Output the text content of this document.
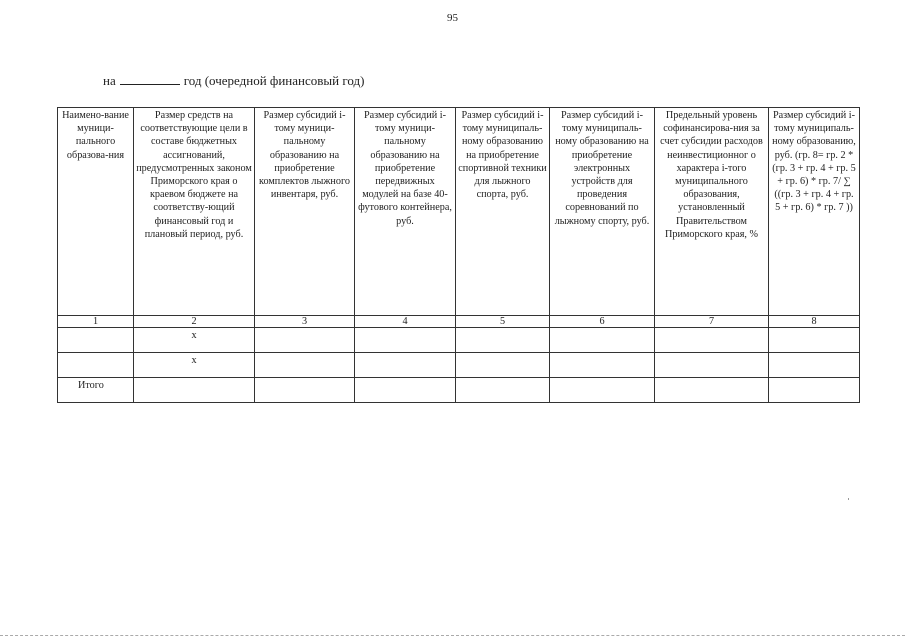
95
на	год (очередной финансовый год)
Наимено-вание муници-пального образова-ния	Размер средств на соответствующие цели в составе бюджетных ассигнований, предусмотренных законом Приморского края о краевом бюджете на соответству-ющий финансовый год и плановый период, руб.	Размер субсидий i-тому муници-пальному образованию на приобретение комплектов лыжного инвентаря, руб.	Размер субсидий i-тому муници-пальному образованию на приобретение передвижных модулей на базе 40-футового контейнера, руб.	Размер субсидий i-тому муниципаль-ному образованию на приобретение спортивной техники для лыжного спорта, руб.	Размер субсидий i-тому муниципаль-ному образованию на приобретение электронных устройств для проведения соревнований по лыжному спорту, руб.	Предельный уровень софинансирова-ния за счет субсидии расходов неинвестиционног о характера i-того муниципального образования, установленный Правительством Приморского края, %	Размер субсидий i-тому муниципаль-ному образованию, руб. (гр. 8= гр. 2 * (гр. 3 + гр. 4 + гр. 5 + гр. 6) * гр. 7/ ∑ ((гр. 3 + гр. 4 + гр. 5 + гр. 6) * гр. 7 ))
1	2	3	4	5	6	7	8
	x						
	x						
Итого							
